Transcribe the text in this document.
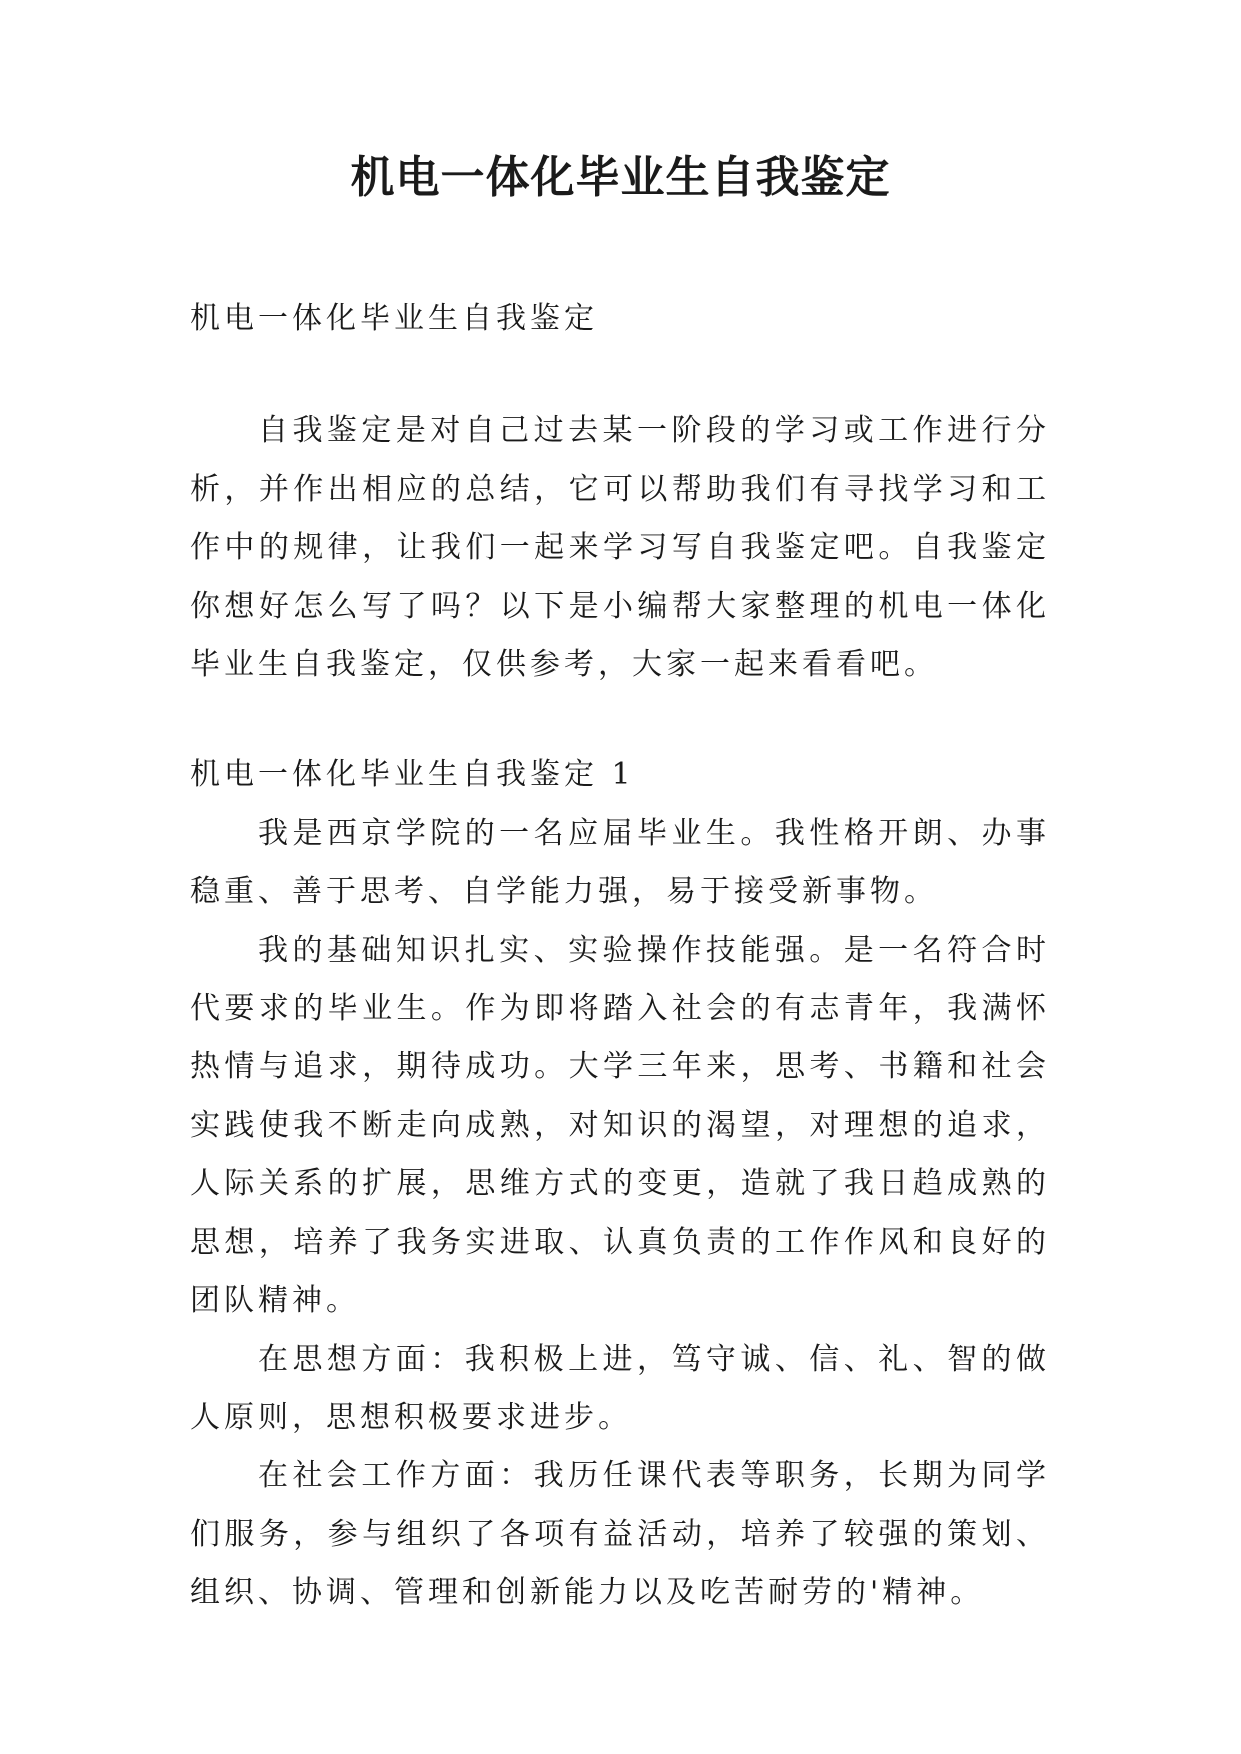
机电一体化毕业生自我鉴定

机电一体化毕业生自我鉴定

自我鉴定是对自己过去某一阶段的学习或工作进行分析，并作出相应的总结，它可以帮助我们有寻找学习和工作中的规律，让我们一起来学习写自我鉴定吧。自我鉴定你想好怎么写了吗？以下是小编帮大家整理的机电一体化毕业生自我鉴定，仅供参考，大家一起来看看吧。

机电一体化毕业生自我鉴定 1

我是西京学院的一名应届毕业生。我性格开朗、办事稳重、善于思考、自学能力强，易于接受新事物。

我的基础知识扎实、实验操作技能强。是一名符合时代要求的毕业生。作为即将踏入社会的有志青年，我满怀热情与追求，期待成功。大学三年来，思考、书籍和社会实践使我不断走向成熟，对知识的渴望，对理想的追求，人际关系的扩展，思维方式的变更，造就了我日趋成熟的思想，培养了我务实进取、认真负责的工作作风和良好的团队精神。

在思想方面：我积极上进，笃守诚、信、礼、智的做人原则，思想积极要求进步。

在社会工作方面：我历任课代表等职务，长期为同学们服务，参与组织了各项有益活动，培养了较强的策划、组织、协调、管理和创新能力以及吃苦耐劳的'精神。
